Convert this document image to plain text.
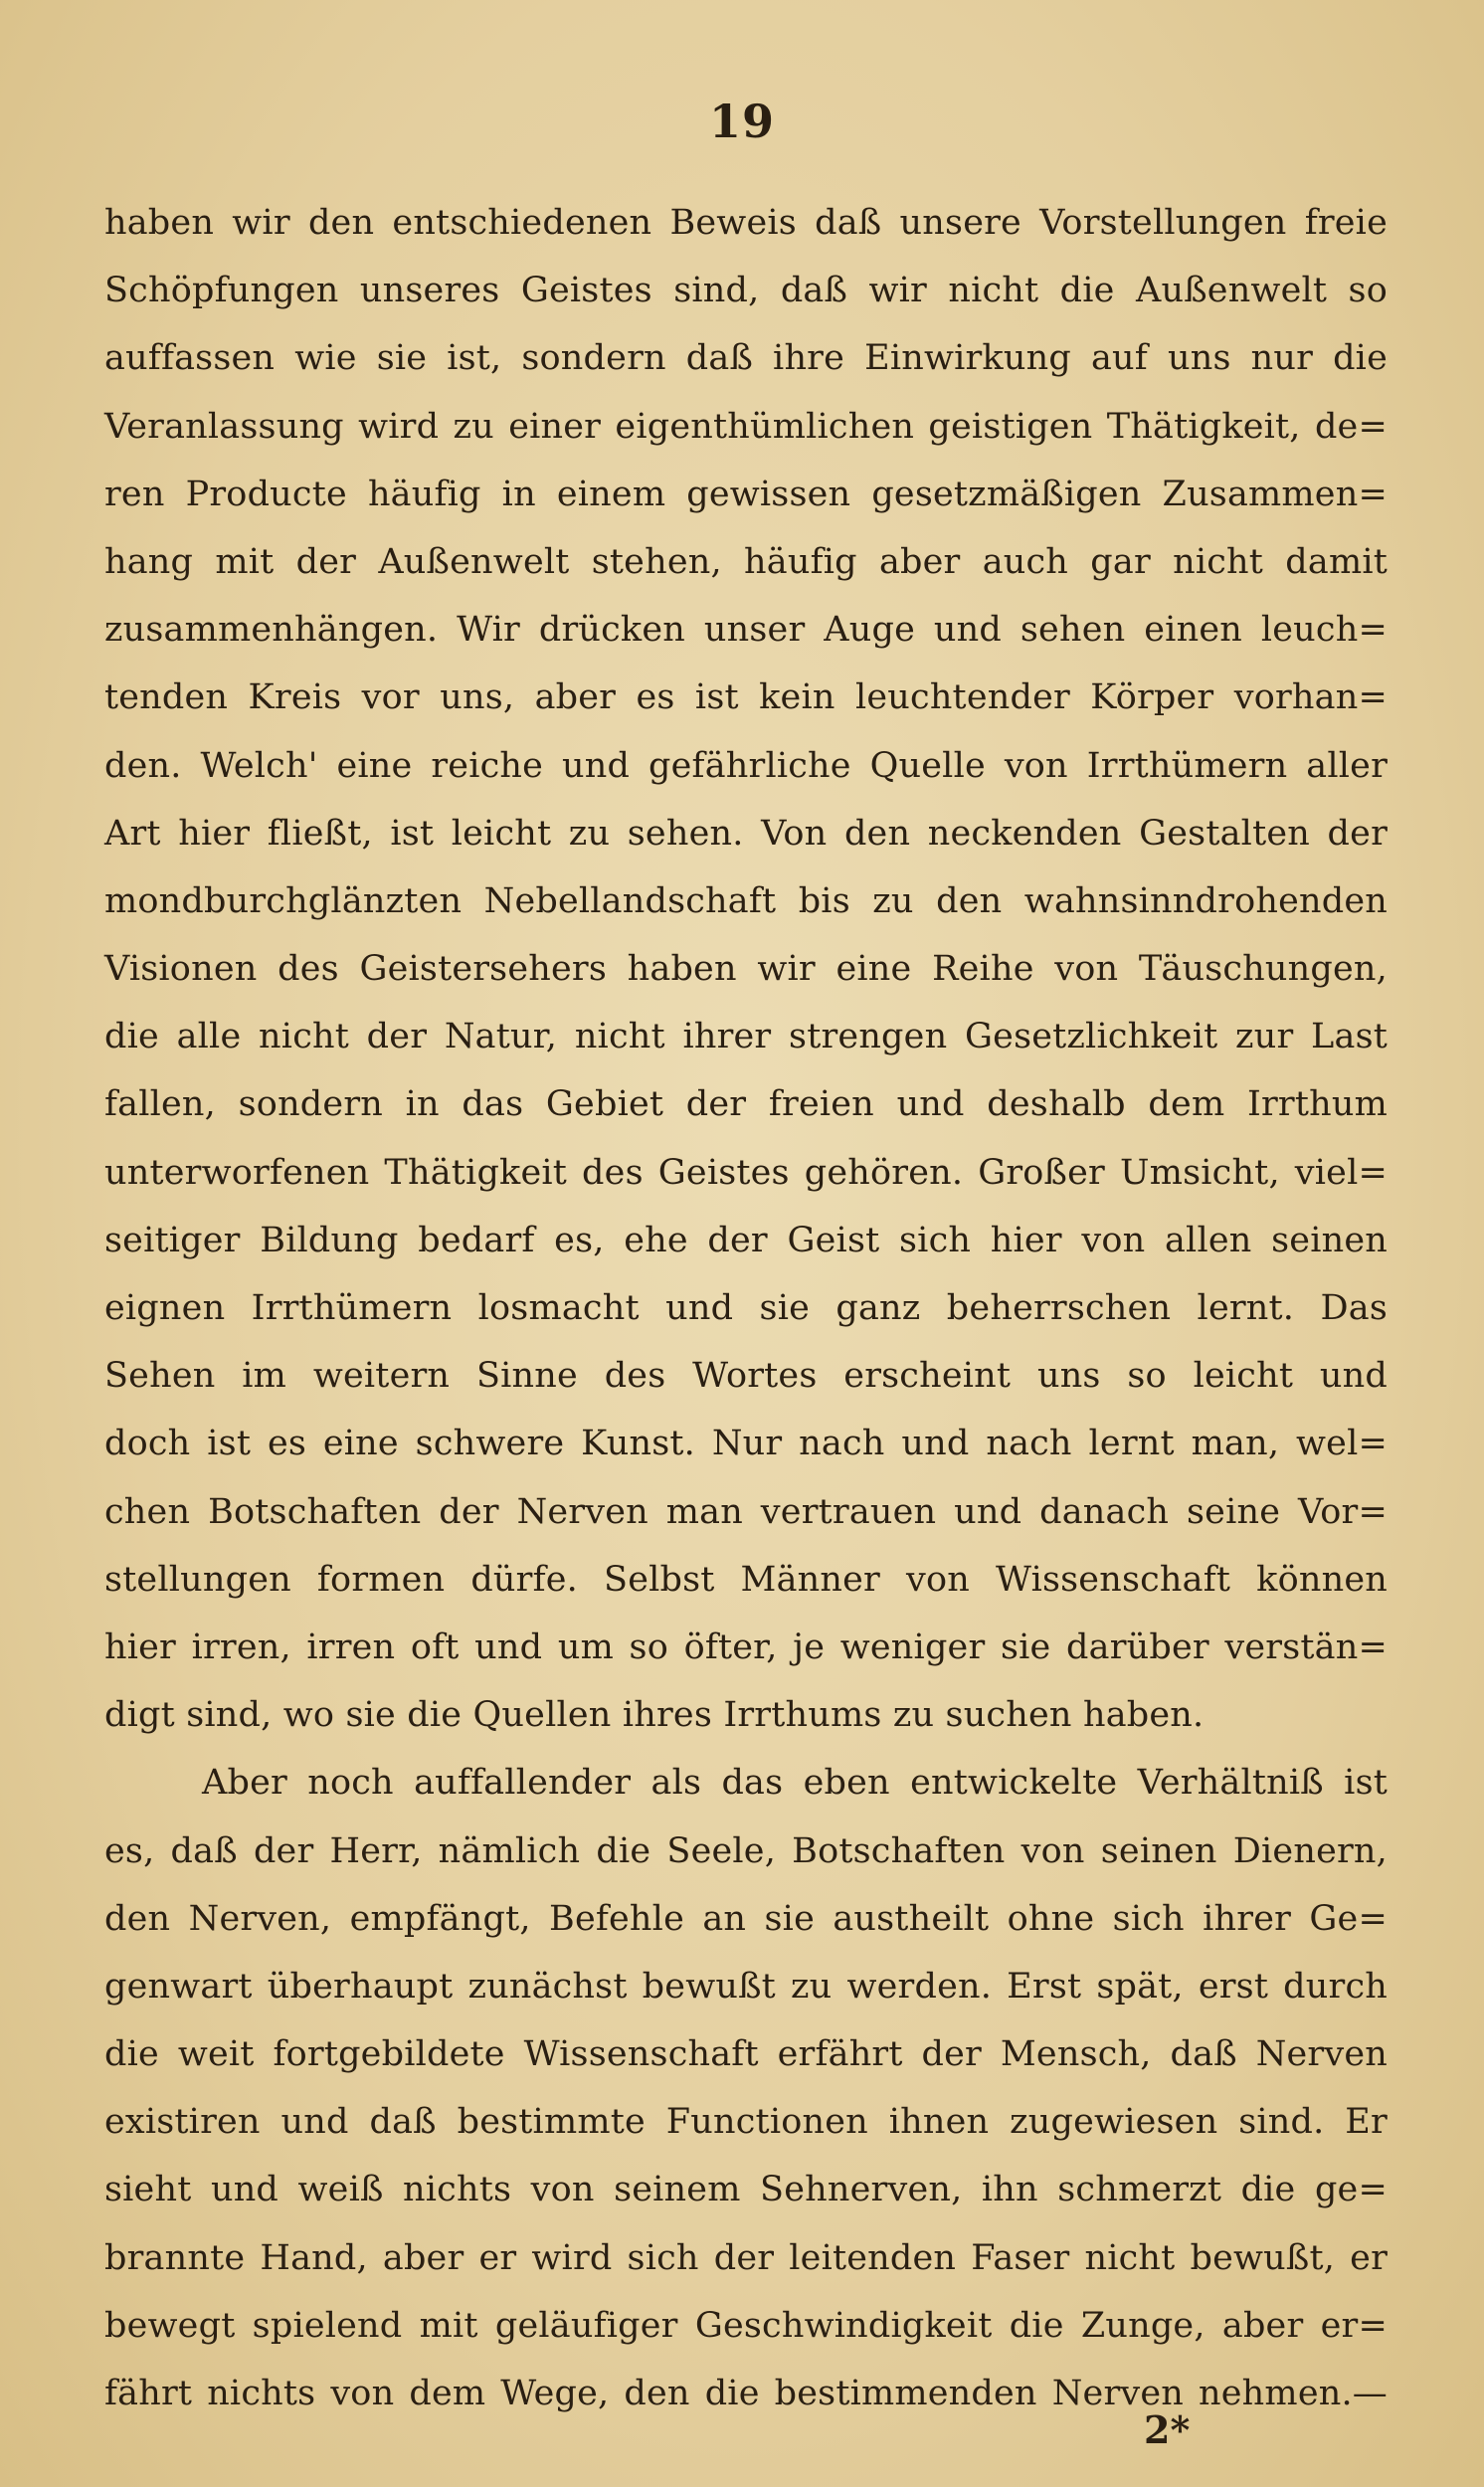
19
haben wir den entschiedenen Beweis daß unsere Vorstellungen freie
Schöpfungen unseres Geistes sind, daß wir nicht die Außenwelt so
auffassen wie sie ist, sondern daß ihre Einwirkung auf uns nur die
Veranlassung wird zu einer eigenthümlichen geistigen Thätigkeit, de=
ren Producte häufig in einem gewissen gesetzmäßigen Zusammen=
hang mit der Außenwelt stehen, häufig aber auch gar nicht damit
zusammenhängen. Wir drücken unser Auge und sehen einen leuch=
tenden Kreis vor uns, aber es ist kein leuchtender Körper vorhan=
den. Welch' eine reiche und gefährliche Quelle von Irrthümern aller
Art hier fließt, ist leicht zu sehen. Von den neckenden Gestalten der
mondburchglänzten Nebellandschaft bis zu den wahnsinndrohenden
Visionen des Geistersehers haben wir eine Reihe von Täuschungen,
die alle nicht der Natur, nicht ihrer strengen Gesetzlichkeit zur Last
fallen, sondern in das Gebiet der freien und deshalb dem Irrthum
unterworfenen Thätigkeit des Geistes gehören. Großer Umsicht, viel=
seitiger Bildung bedarf es, ehe der Geist sich hier von allen seinen
eignen Irrthümern losmacht und sie ganz beherrschen lernt. Das
Sehen im weitern Sinne des Wortes erscheint uns so leicht und
doch ist es eine schwere Kunst. Nur nach und nach lernt man, wel=
chen Botschaften der Nerven man vertrauen und danach seine Vor=
stellungen formen dürfe. Selbst Männer von Wissenschaft können
hier irren, irren oft und um so öfter, je weniger sie darüber verstän=
digt sind, wo sie die Quellen ihres Irrthums zu suchen haben.
Aber noch auffallender als das eben entwickelte Verhältniß ist
es, daß der Herr, nämlich die Seele, Botschaften von seinen Dienern,
den Nerven, empfängt, Befehle an sie austheilt ohne sich ihrer Ge=
genwart überhaupt zunächst bewußt zu werden. Erst spät, erst durch
die weit fortgebildete Wissenschaft erfährt der Mensch, daß Nerven
existiren und daß bestimmte Functionen ihnen zugewiesen sind. Er
sieht und weiß nichts von seinem Sehnerven, ihn schmerzt die ge=
brannte Hand, aber er wird sich der leitenden Faser nicht bewußt, er
bewegt spielend mit geläufiger Geschwindigkeit die Zunge, aber er=
fährt nichts von dem Wege, den die bestimmenden Nerven nehmen.—
2*
